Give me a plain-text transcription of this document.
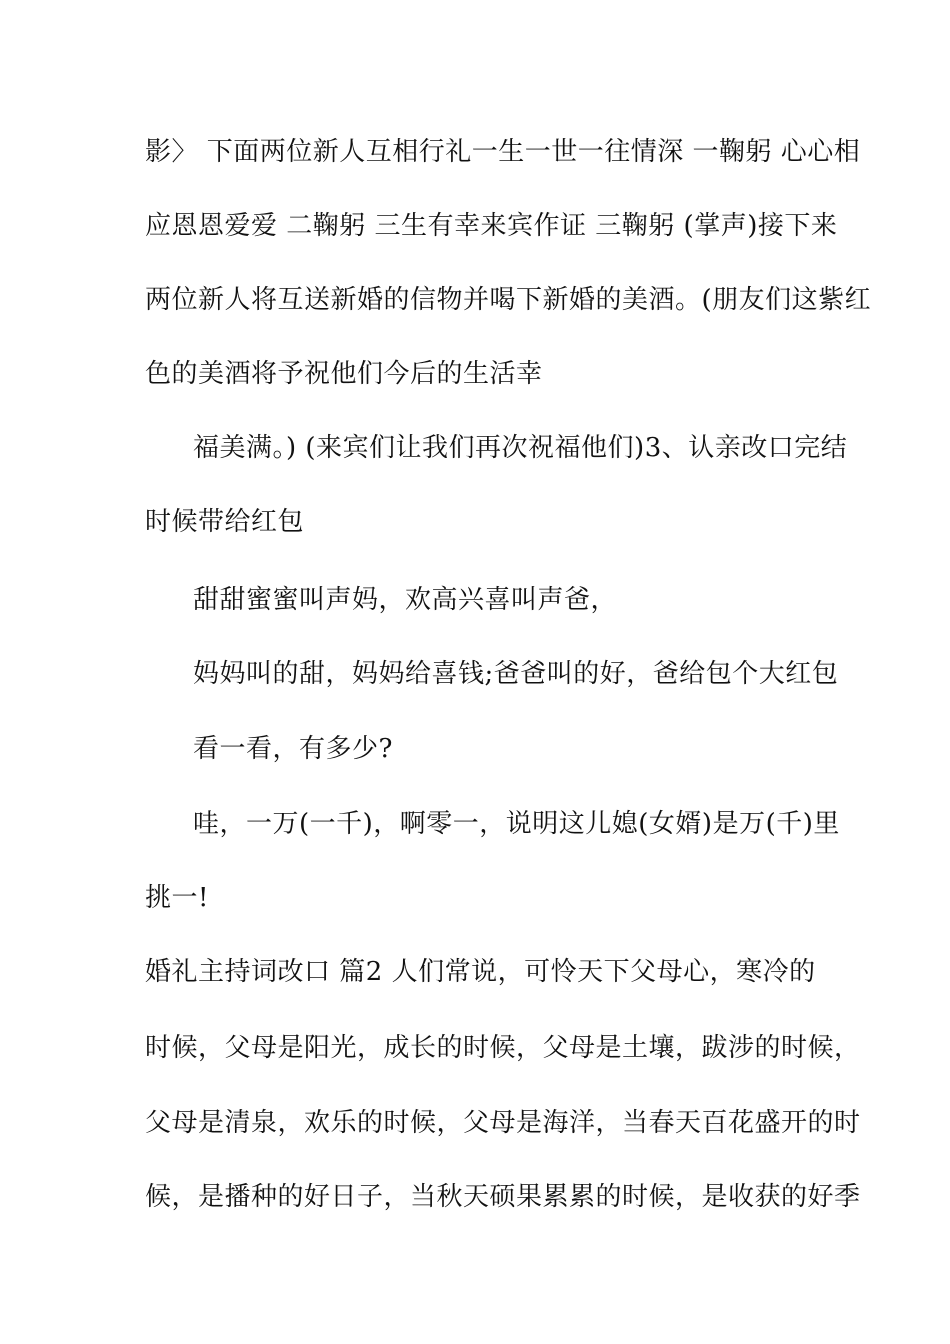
影〉 下面两位新人互相行礼一生一世一往情深 一鞠躬 心心相
应恩恩爱爱 二鞠躬 三生有幸来宾作证 三鞠躬 (掌声)接下来
两位新人将互送新婚的信物并喝下新婚的美酒。(朋友们这紫红
色的美酒将予祝他们今后的生活幸
福美满。) (来宾们让我们再次祝福他们)3、认亲改口完结
时候带给红包
甜甜蜜蜜叫声妈，欢高兴喜叫声爸，
妈妈叫的甜，妈妈给喜钱;爸爸叫的好，爸给包个大红包
看一看，有多少?
哇，一万(一千)，啊零一，说明这儿媳(女婿)是万(千)里
挑一!
婚礼主持词改口 篇2 人们常说，可怜天下父母心，寒冷的
时候，父母是阳光，成长的时候，父母是土壤，跋涉的时候，
父母是清泉，欢乐的时候，父母是海洋，当春天百花盛开的时
候，是播种的好日子，当秋天硕果累累的时候，是收获的好季
